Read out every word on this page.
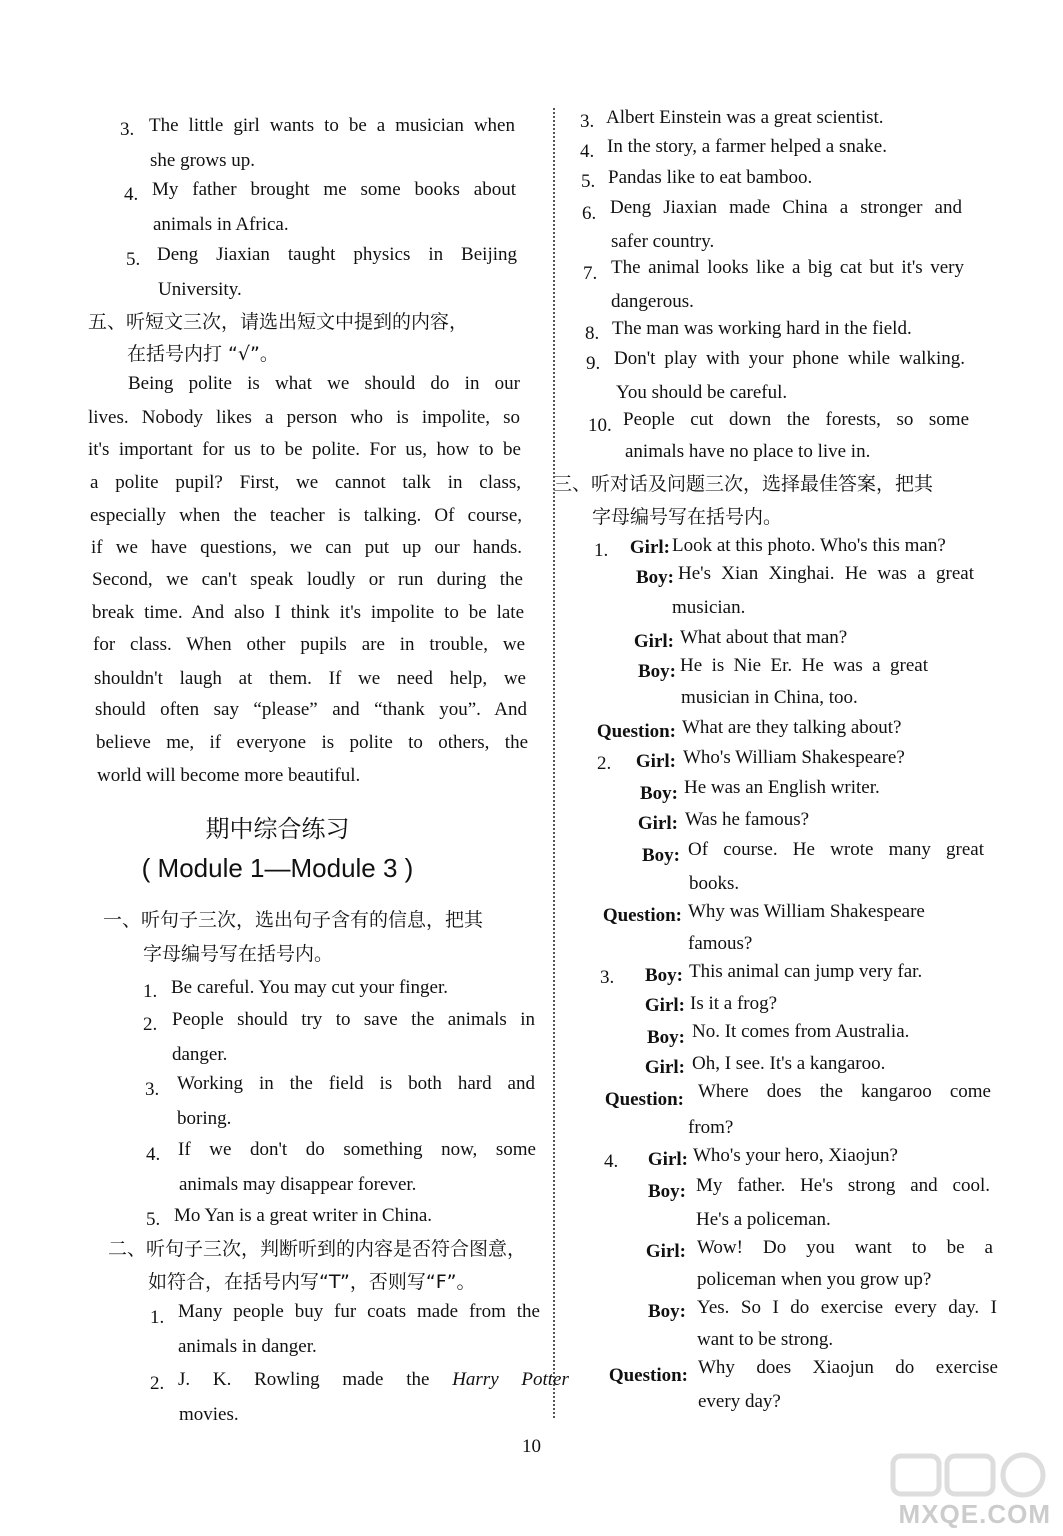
3. The little girl wants to be a musician when
she grows up.
4. My father brought me some books about
animals in Africa.
5. Deng Jiaxian taught physics in Beijing
University.
五、听短文三次，请选出短文中提到的内容，
在括号内打 “√”。
Being polite is what we should do in our
lives. Nobody likes a person who is impolite, so
it's important for us to be polite. For us, how to be
a polite pupil? First, we cannot talk in class,
especially when the teacher is talking. Of course,
if we have questions, we can put up our hands.
Second, we can't speak loudly or run during the
break time. And also I think it's impolite to be late
for class. When other pupils are in trouble, we
shouldn't laugh at them. If we need help, we
should often say “please” and “thank you”. And
believe me, if everyone is polite to others, the
world will become more beautiful.
期中综合练习
( Module 1—Module 3 )
一、听句子三次，选出句子含有的信息，把其
字母编号写在括号内。
1. Be careful. You may cut your finger.
2. People should try to save the animals in
danger.
3. Working in the field is both hard and
boring.
4. If we don't do something now, some
animals may disappear forever.
5. Mo Yan is a great writer in China.
二、听句子三次，判断听到的内容是否符合图意，
如符合，在括号内写“T”，否则写“F”。
1. Many people buy fur coats made from the
animals in danger.
2. J. K. Rowling made the Harry Potter
movies.
3. Albert Einstein was a great scientist.
4. In the story, a farmer helped a snake.
5. Pandas like to eat bamboo.
6. Deng Jiaxian made China a stronger and
safer country.
7. The animal looks like a big cat but it's very
dangerous.
8. The man was working hard in the field.
9. Don't play with your phone while walking.
You should be careful.
10. People cut down the forests, so some
animals have no place to live in.
三、听对话及问题三次，选择最佳答案，把其
字母编号写在括号内。
1.	Girl: Look at this photo. Who's this man?
Boy: He's Xian Xinghai. He was a great
musician.
Girl: What about that man?
Boy: He is Nie Er. He was a great
musician in China, too.
Question: What are they talking about?
2.	Girl: Who's William Shakespeare?
Boy: He was an English writer.
Girl: Was he famous?
Boy: Of course. He wrote many great
books.
Question: Why was William Shakespeare
famous?
3.	Boy: This animal can jump very far.
Girl: Is it a frog?
Boy: No. It comes from Australia.
Girl: Oh, I see. It's a kangaroo.
Question: Where does the kangaroo come
from?
4.	Girl: Who's your hero, Xiaojun?
Boy: My father. He's strong and cool.
He's a policeman.
Girl: Wow! Do you want to be a
policeman when you grow up?
Boy: Yes. So I do exercise every day. I
want to be strong.
Question: Why does Xiaojun do exercise
every day?
10
MXQE.COM
